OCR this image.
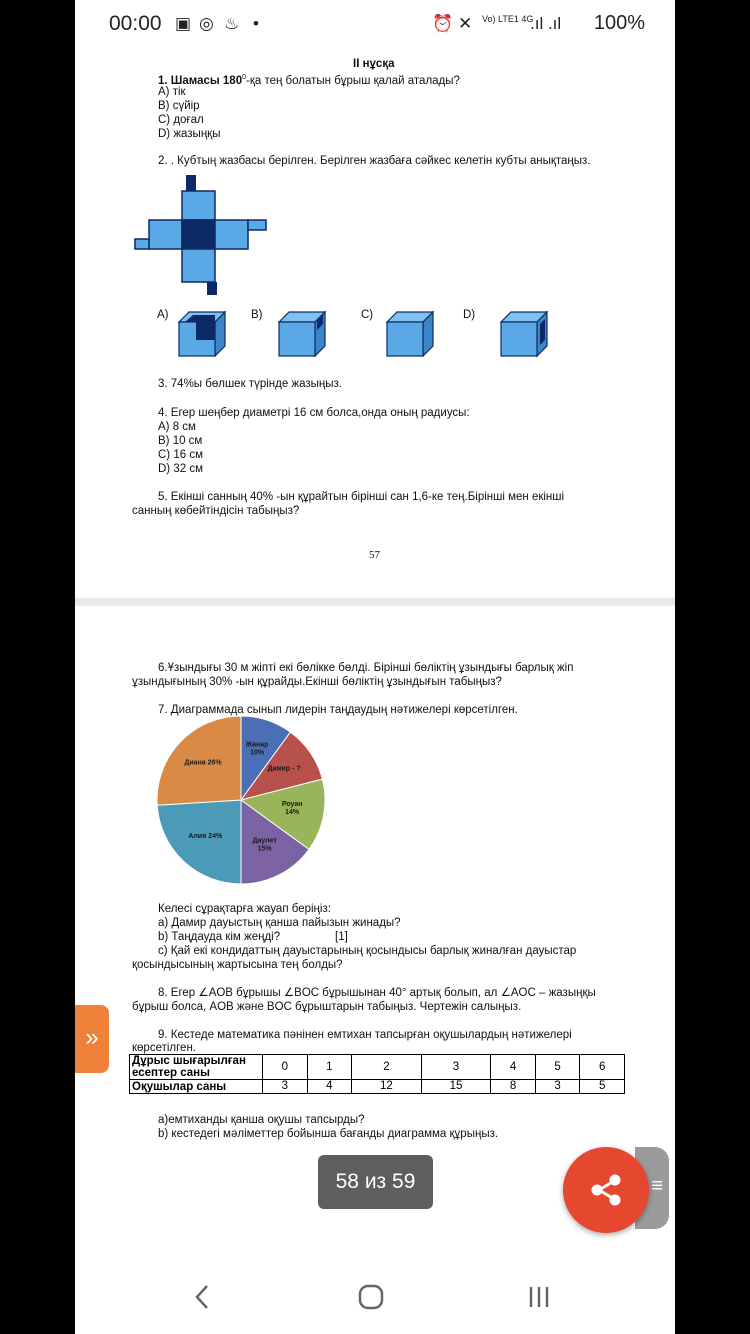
00:00 ▣ ◎ ♨ •	⏰ ✕ Vo) LTE1 4G
.ıl .ıl 100%
II нұсқа
1. Шамасы $180^0-қа$ тең болатын бұрыш қалай аталады?
A) тік
B) сүйір
C) доғал
D) жазыңқы
2. . Кубтың жазбасы берілген. Берілген жазбаға сәйкес келетін кубты анықтаңыз.
A)	B)	C)	D)
3. 74%ы бөлшек түрінде жазыңыз.
4. Егер шеңбер диаметрі 16 см болса,онда оның радиусы:
A) 8 см
B) 10 см
C) 16 см
D) 32 см
5. Екінші санның 40% -ын құрайтын бірінші сан 1,6-ке тең.Бірінші мен екінші
санның көбейтіндісін табыңыз?
57
6.Ұзындығы 30 м жіпті екі бөлікке бөлді. Бірінші бөліктің ұзындығы барлық жіп
ұзындығының 30% -ын құрайды.Екінші бөліктің ұзындығын табыңыз?
7. Диаграммада сынып лидерін таңдаудың нәтижелері көрсетілген.
Жанар 10%
Дамир - ?
Роуан 14%
Даулет 15%
Алия 24%
Диана 26%
Келесі сұрақтарға жауап беріңіз:
a) Дамир дауыстың қанша пайызын жинады?
b) Таңдауда кім жеңді?	[1]
c) Қай екі кондидаттың дауыстарының қосындысы барлық жиналған дауыстар
қосындысының жартысына тең болды?
8. Егер ∠AOB бұрышы ∠BOC бұрышынан 40° артық болып, ал ∠AOC – жазыңқы
бұрыш болса, AOB және BOC бұрыштарын табыңыз. Чертежін салыңыз.
9. Кестеде математика пәнінен емтихан тапсырған оқушылардың нәтижелері
көрсетілген.
Дұрыс шығарылған есептер саны	0	1	2	3	4	5	6
Оқушылар саны	3	4	12	15	8	3	5
a)емтиханды қанша оқушы тапсырды?
b) кестедегі мәліметтер бойынша бағанды диаграмма құрыңыз.
»
58 из 59	≡
